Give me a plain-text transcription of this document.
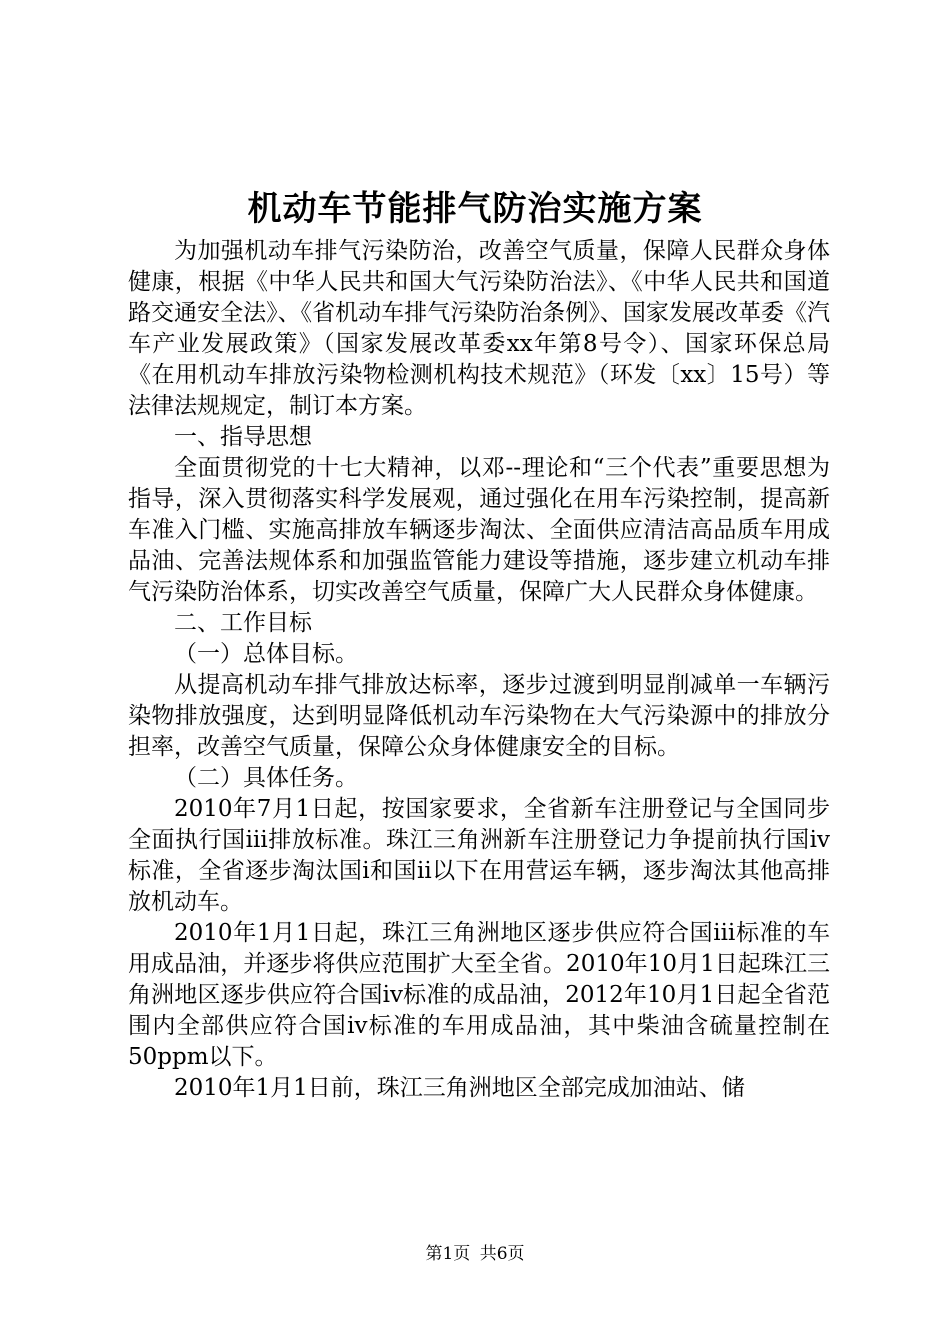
机动车节能排气防治实施方案

为加强机动车排气污染防治，改善空气质量，保障人民群众身体健康，根据《中华人民共和国大气污染防治法》、《中华人民共和国道路交通安全法》、《省机动车排气污染防治条例》、国家发展改革委《汽车产业发展政策》（国家发展改革委xx年第8号令）、国家环保总局《在用机动车排放污染物检测机构技术规范》（环发〔xx〕15号）等法律法规规定，制订本方案。

一、指导思想

全面贯彻党的十七大精神，以邓--理论和“三个代表”重要思想为指导，深入贯彻落实科学发展观，通过强化在用车污染控制，提高新车准入门槛、实施高排放车辆逐步淘汰、全面供应清洁高品质车用成品油、完善法规体系和加强监管能力建设等措施，逐步建立机动车排气污染防治体系，切实改善空气质量，保障广大人民群众身体健康。

二、工作目标

（一）总体目标。

从提高机动车排气排放达标率，逐步过渡到明显削减单一车辆污染物排放强度，达到明显降低机动车污染物在大气污染源中的排放分担率，改善空气质量，保障公众身体健康安全的目标。

（二）具体任务。

2010年7月1日起，按国家要求，全省新车注册登记与全国同步全面执行国ⅲ排放标准。珠江三角洲新车注册登记力争提前执行国ⅳ标准，全省逐步淘汰国ⅰ和国ⅱ以下在用营运车辆，逐步淘汰其他高排放机动车。

2010年1月1日起，珠江三角洲地区逐步供应符合国ⅲ标准的车用成品油，并逐步将供应范围扩大至全省。2010年10月1日起珠江三角洲地区逐步供应符合国ⅳ标准的成品油，2012年10月1日起全省范围内全部供应符合国ⅳ标准的车用成品油，其中柴油含硫量控制在50ppm以下。

2010年1月1日前，珠江三角洲地区全部完成加油站、储

第1页 共6页
